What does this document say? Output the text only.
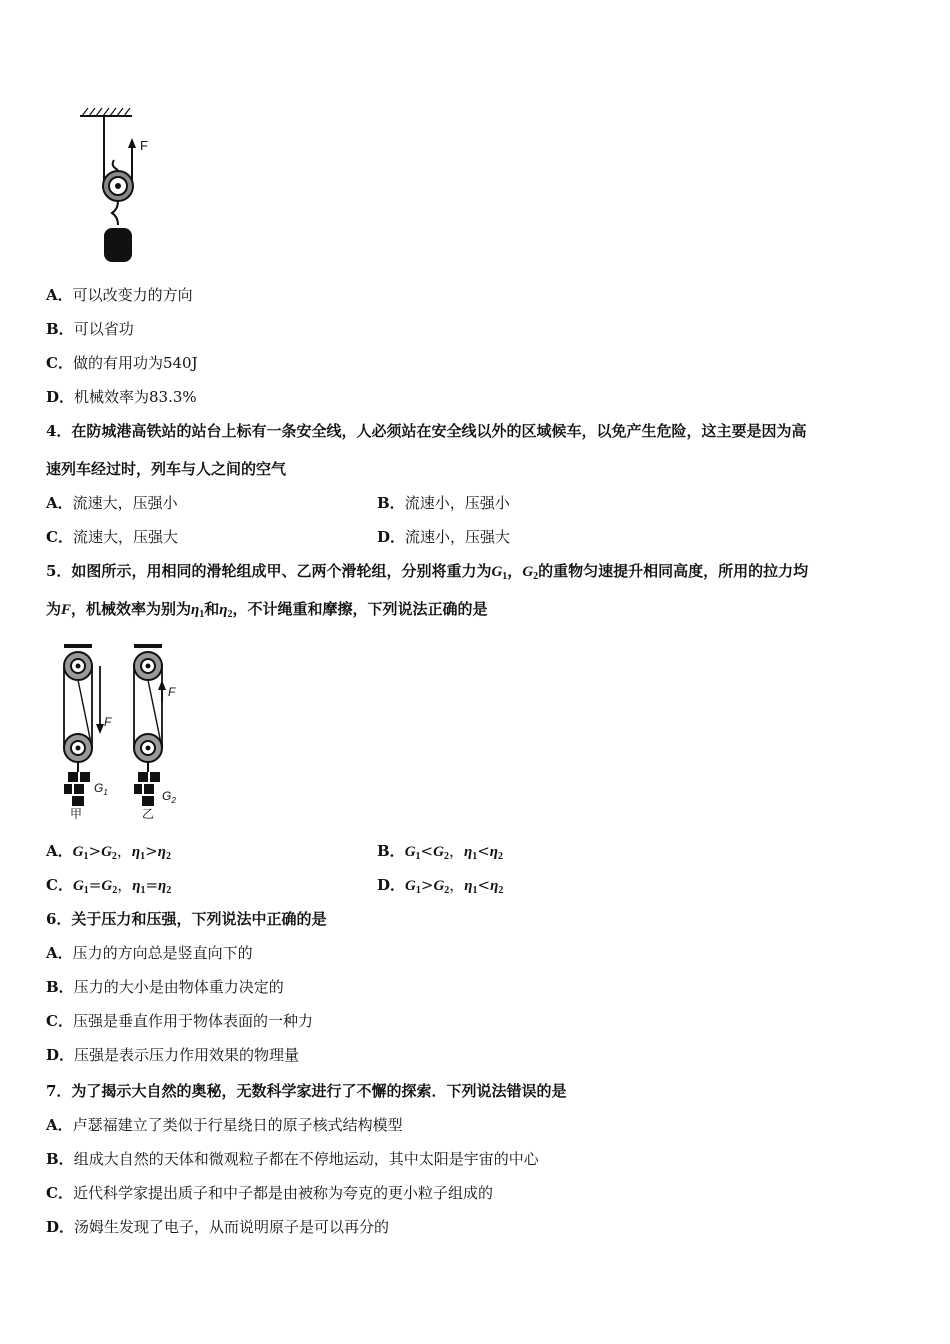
F
A．可以改变力的方向
B．可以省功
C．做的有用功为540J
D．机械效率为83.3%
4．在防城港高铁站的站台上标有一条安全线，人必须站在安全线以外的区域候车，以免产生危险，这主要是因为高
速列车经过时，列车与人之间的空气
A．流速大，压强小	B．流速小，压强小
C．流速大，压强大	D．流速小，压强大
5．如图所示，用相同的滑轮组成甲、乙两个滑轮组，分别将重力为$G_1$，$G_2$的重物匀速提升相同高度，所用的拉力均
为F，机械效率为别为$\eta_1$和$\eta_2$，不计绳重和摩擦，下列说法正确的是
F
$G_1$
甲
F
$G_2$
乙
A．$G_1>G_2$，$\eta_1>\eta_2$	B．$G_1<G_2$，$\eta_1<\eta_2$
C．$G_1=G_2$，$\eta_1=\eta_2$	D．$G_1>G_2$，$\eta_1<\eta_2$
6．关于压力和压强，下列说法中正确的是
A．压力的方向总是竖直向下的
B．压力的大小是由物体重力决定的
C．压强是垂直作用于物体表面的一种力
D．压强是表示压力作用效果的物理量
7．为了揭示大自然的奥秘，无数科学家进行了不懈的探索．下列说法错误的是
A．卢瑟福建立了类似于行星绕日的原子核式结构模型
B．组成大自然的天体和微观粒子都在不停地运动，其中太阳是宇宙的中心
C．近代科学家提出质子和中子都是由被称为夸克的更小粒子组成的
D．汤姆生发现了电子，从而说明原子是可以再分的
